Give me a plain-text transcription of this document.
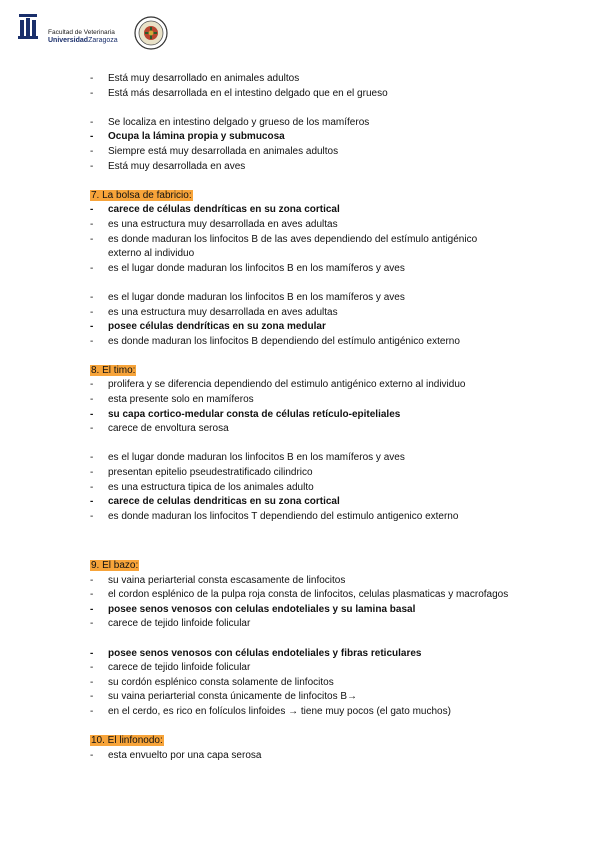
Facultad de Veterinaria
UniversidadZaragoza
- Está muy desarrollado en animales adultos
- Está más desarrollada en el intestino delgado que en el grueso
- Se localiza en intestino delgado y grueso de los mamíferos
- Ocupa la lámina propia y submucosa
- Siempre está muy desarrollada en animales adultos
- Está muy desarrollada en aves
7. La bolsa de fabricio:
- carece de células dendríticas en su zona cortical
- es una estructura muy desarrollada en aves adultas
- es donde maduran los linfocitos B de las aves dependiendo del estímulo antigénico externo al individuo
- es el lugar donde maduran los linfocitos B en los mamíferos y aves
- es el lugar donde maduran los linfocitos B en los mamíferos y aves
- es una estructura muy desarrollada en aves adultas
- posee células dendríticas en su zona medular
- es donde maduran los linfocitos B dependiendo del estímulo antigénico externo
8. El timo:
- prolifera y se diferencia dependiendo del estimulo antigénico externo al individuo
- esta presente solo en mamíferos
- su capa cortico-medular consta de células retículo-epiteliales
- carece de envoltura serosa
- es el lugar donde maduran los linfocitos B en los mamíferos y aves
- presentan epitelio pseudestratificado cilindrico
- es una estructura tipica de los animales adulto
- carece de celulas dendriticas en su zona cortical
- es donde maduran los linfocitos T dependiendo del estimulo antigenico externo
9. El bazo:
- su vaina periarterial consta escasamente de linfocitos
- el cordon esplénico de la pulpa roja consta de linfocitos, celulas plasmaticas y macrofagos
- posee senos venosos con celulas endoteliales y su lamina basal
- carece de tejido linfoide folicular
- posee senos venosos con células endoteliales y fibras reticulares
- carece de tejido linfoide folicular
- su cordón esplénico consta solamente de linfocitos
- su vaina periarterial consta únicamente de linfocitos B→
- en el cerdo, es rico en folículos linfoides → tiene muy pocos (el gato muchos)
10. El linfonodo:
- esta envuelto por una capa serosa
